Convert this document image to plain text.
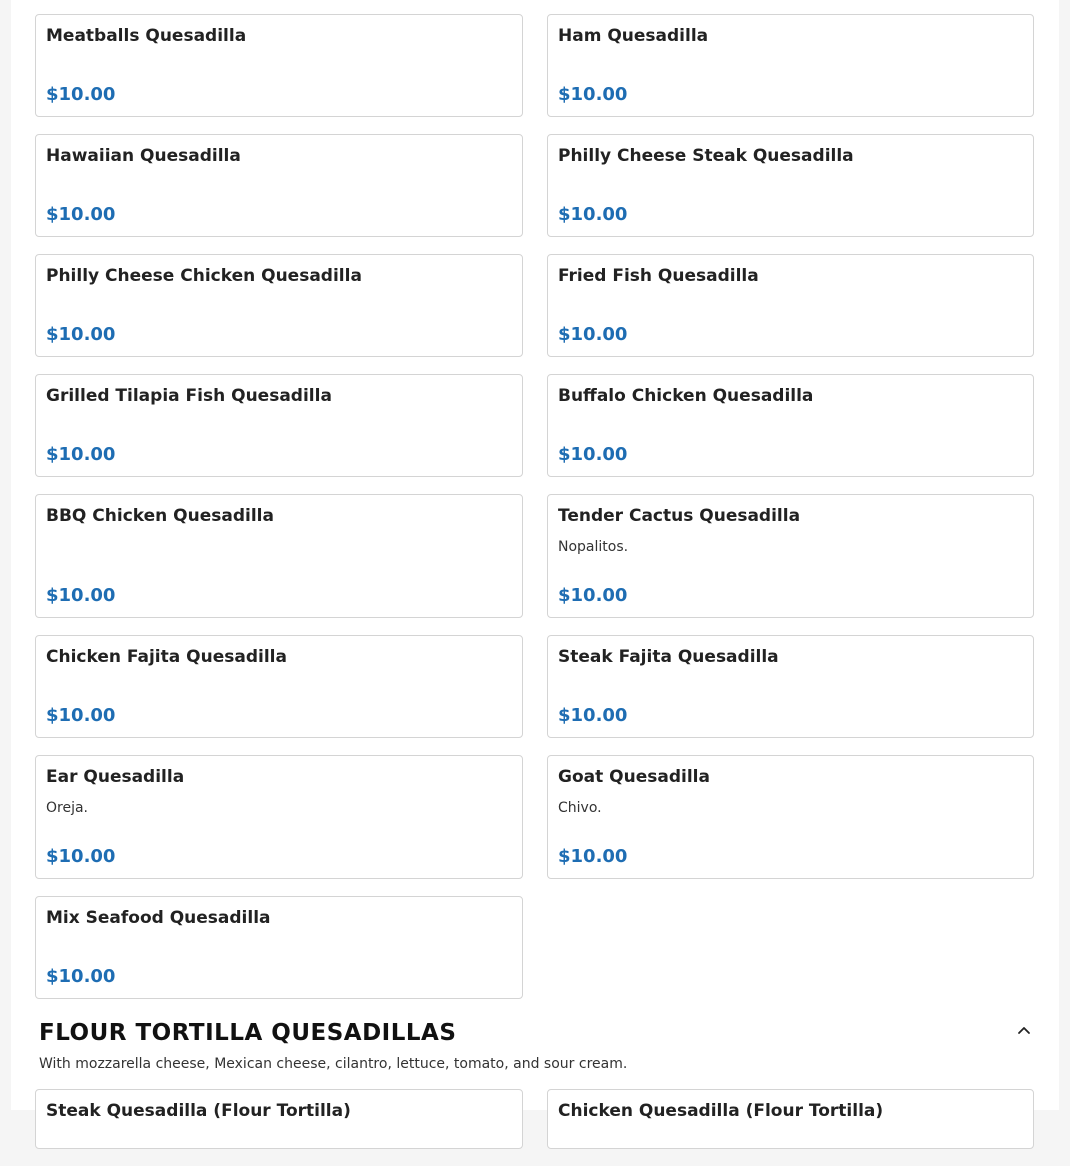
Meatballs Quesadilla
$10.00
Ham Quesadilla
$10.00
Hawaiian Quesadilla
$10.00
Philly Cheese Steak Quesadilla
$10.00
Philly Cheese Chicken Quesadilla
$10.00
Fried Fish Quesadilla
$10.00
Grilled Tilapia Fish Quesadilla
$10.00
Buffalo Chicken Quesadilla
$10.00
BBQ Chicken Quesadilla
$10.00
Tender Cactus Quesadilla
Nopalitos.
$10.00
Chicken Fajita Quesadilla
$10.00
Steak Fajita Quesadilla
$10.00
Ear Quesadilla
Oreja.
$10.00
Goat Quesadilla
Chivo.
$10.00
Mix Seafood Quesadilla
$10.00
FLOUR TORTILLA QUESADILLAS
With mozzarella cheese, Mexican cheese, cilantro, lettuce, tomato, and sour cream.
Steak Quesadilla (Flour Tortilla)	Chicken Quesadilla (Flour Tortilla)
